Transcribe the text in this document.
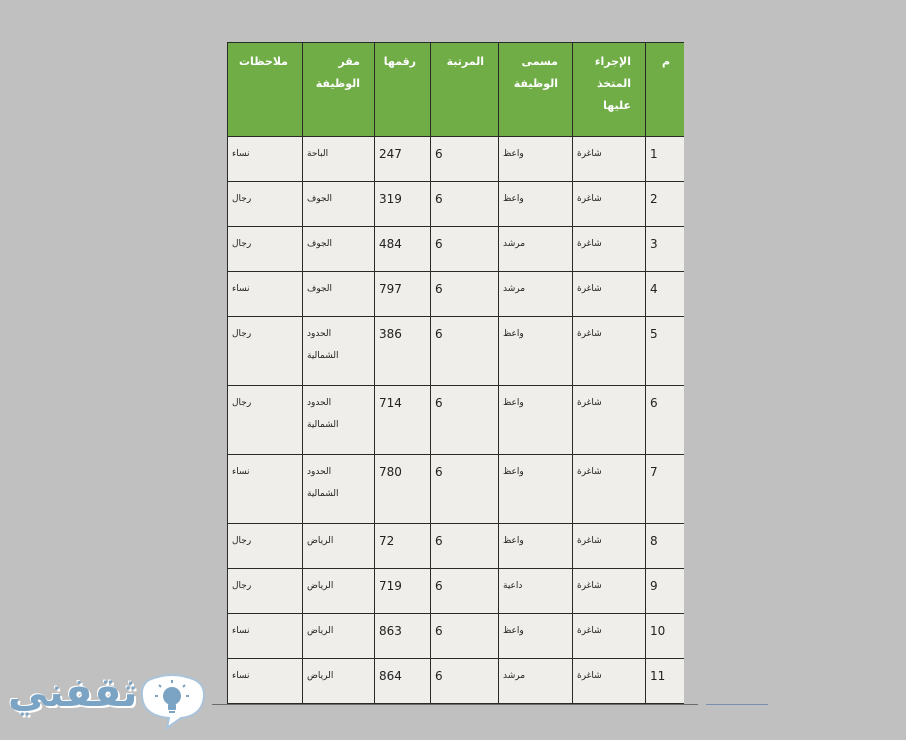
م	الإجراء المتخذ عليها	مسمى الوظيفة	المرتبة	رقمها	مقر الوظيفة	ملاحظات
1	شاغرة	واعظ	6	247	الباحة	نساء
2	شاغرة	واعظ	6	319	الجوف	رجال
3	شاغرة	مرشد	6	484	الجوف	رجال
4	شاغرة	مرشد	6	797	الجوف	نساء
5	شاغرة	واعظ	6	386	الحدود الشمالية	رجال
6	شاغرة	واعظ	6	714	الحدود الشمالية	رجال
7	شاغرة	واعظ	6	780	الحدود الشمالية	نساء
8	شاغرة	واعظ	6	72	الرياض	رجال
9	شاغرة	داعية	6	719	الرياض	رجال
10	شاغرة	واعظ	6	863	الرياض	نساء
11	شاغرة	مرشد	6	864	الرياض	نساء
ثقفني
